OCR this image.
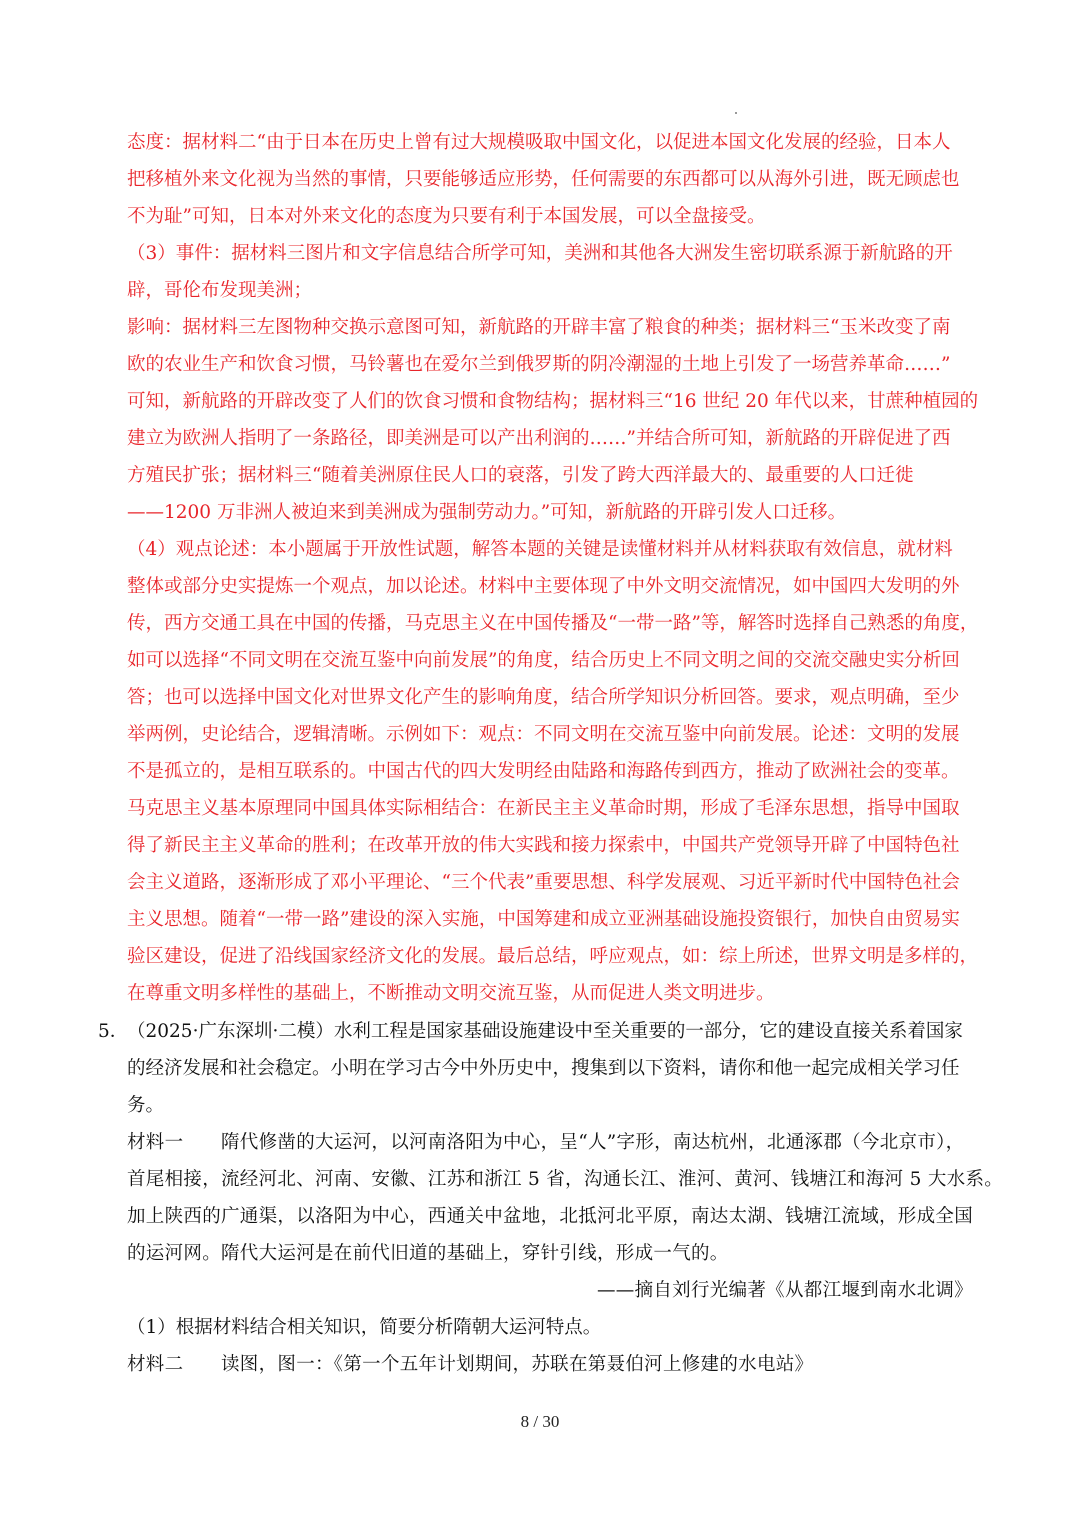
态度：据材料二“由于日本在历史上曾有过大规模吸取中国文化，以促进本国文化发展的经验，日本人

把移植外来文化视为当然的事情，只要能够适应形势，任何需要的东西都可以从海外引进，既无顾虑也

不为耻”可知，日本对外来文化的态度为只要有利于本国发展，可以全盘接受。

（3）事件：据材料三图片和文字信息结合所学可知，美洲和其他各大洲发生密切联系源于新航路的开

辟，哥伦布发现美洲；

影响：据材料三左图物种交换示意图可知，新航路的开辟丰富了粮食的种类；据材料三“玉米改变了南

欧的农业生产和饮食习惯，马铃薯也在爱尔兰到俄罗斯的阴冷潮湿的土地上引发了一场营养革命……”

可知，新航路的开辟改变了人们的饮食习惯和食物结构；据材料三“16 世纪 20 年代以来，甘蔗种植园的

建立为欧洲人指明了一条路径，即美洲是可以产出利润的……”并结合所可知，新航路的开辟促进了西

方殖民扩张；据材料三“随着美洲原住民人口的衰落，引发了跨大西洋最大的、最重要的人口迁徙

——1200 万非洲人被迫来到美洲成为强制劳动力。”可知，新航路的开辟引发人口迁移。

（4）观点论述：本小题属于开放性试题，解答本题的关键是读懂材料并从材料获取有效信息，就材料

整体或部分史实提炼一个观点，加以论述。材料中主要体现了中外文明交流情况，如中国四大发明的外

传，西方交通工具在中国的传播，马克思主义在中国传播及“一带一路”等，解答时选择自己熟悉的角度，

如可以选择“不同文明在交流互鉴中向前发展”的角度，结合历史上不同文明之间的交流交融史实分析回

答；也可以选择中国文化对世界文化产生的影响角度，结合所学知识分析回答。要求，观点明确，至少

举两例，史论结合，逻辑清晰。示例如下：观点：不同文明在交流互鉴中向前发展。论述：文明的发展

不是孤立的，是相互联系的。中国古代的四大发明经由陆路和海路传到西方，推动了欧洲社会的变革。

马克思主义基本原理同中国具体实际相结合：在新民主主义革命时期，形成了毛泽东思想，指导中国取

得了新民主主义革命的胜利；在改革开放的伟大实践和接力探索中，中国共产党领导开辟了中国特色社

会主义道路，逐渐形成了邓小平理论、“三个代表”重要思想、科学发展观、习近平新时代中国特色社会

主义思想。随着“一带一路”建设的深入实施，中国筹建和成立亚洲基础设施投资银行，加快自由贸易实

验区建设，促进了沿线国家经济文化的发展。最后总结，呼应观点，如：综上所述，世界文明是多样的，

在尊重文明多样性的基础上，不断推动文明交流互鉴，从而促进人类文明进步。

5．

（2025·广东深圳·二模）水利工程是国家基础设施建设中至关重要的一部分，它的建设直接关系着国家

的经济发展和社会稳定。小明在学习古今中外历史中，搜集到以下资料，请你和他一起完成相关学习任

务。

材料一　　隋代修凿的大运河，以河南洛阳为中心，呈“人”字形，南达杭州，北通涿郡（今北京市），

首尾相接，流经河北、河南、安徽、江苏和浙江 5 省，沟通长江、淮河、黄河、钱塘江和海河 5 大水系。

加上陕西的广通渠，以洛阳为中心，西通关中盆地，北抵河北平原，南达太湖、钱塘江流域，形成全国

的运河网。隋代大运河是在前代旧道的基础上，穿针引线，形成一气的。

——摘自刘行光编著《从都江堰到南水北调》

（1）根据材料结合相关知识，简要分析隋朝大运河特点。

材料二　　读图，图一：《第一个五年计划期间，苏联在第聂伯河上修建的水电站》

8 / 30
